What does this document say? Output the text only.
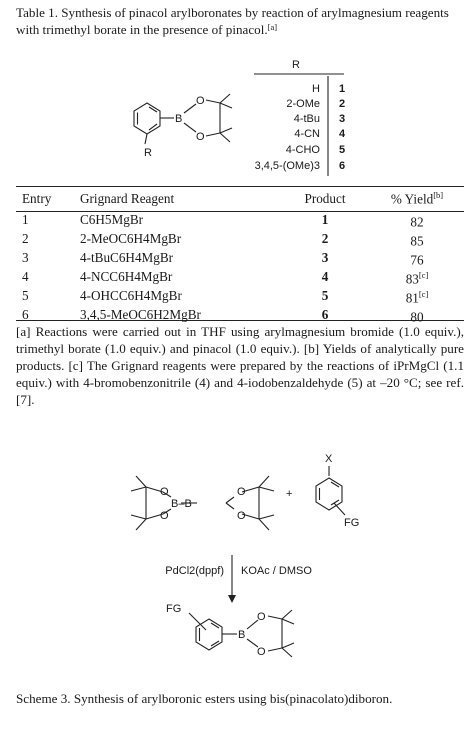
Table 1. Synthesis of pinacol arylboronates by reaction of arylmagnesium reagents with trimethyl borate in the presence of pinacol.[a]
R
B
O
O
R
H 1
2-OMe 2
4-tBu 3
4-CN 4
4-CHO 5
3,4,5-(OMe)3 6
B–B
O
O
O
O
+
X
FG
PdCl2(dppf) KOAc / DMSO
FG
B
O
O
Entry	Grignard Reagent	Product	% Yield[b]

1	C6H5MgBr	1	82
2	2-MeOC6H4MgBr	2	85
3	4-tBuC6H4MgBr	3	76
4	4-NCC6H4MgBr	4	83[c]
5	4-OHCC6H4MgBr	5	81[c]
6	3,4,5-MeOC6H2MgBr	6	80
[a] Reactions were carried out in THF using arylmagnesium bromide (1.0 equiv.), trimethyl borate (1.0 equiv.) and pinacol (1.0 equiv.). [b] Yields of analytically pure products. [c] The Grignard reagents were prepared by the reactions of iPrMgCl (1.1 equiv.) with 4-bromobenzonitrile (4) and 4-iodobenzaldehyde (5) at –20 °C; see ref.[7].
Scheme 3. Synthesis of arylboronic esters using bis(pinacolato)diboron.
